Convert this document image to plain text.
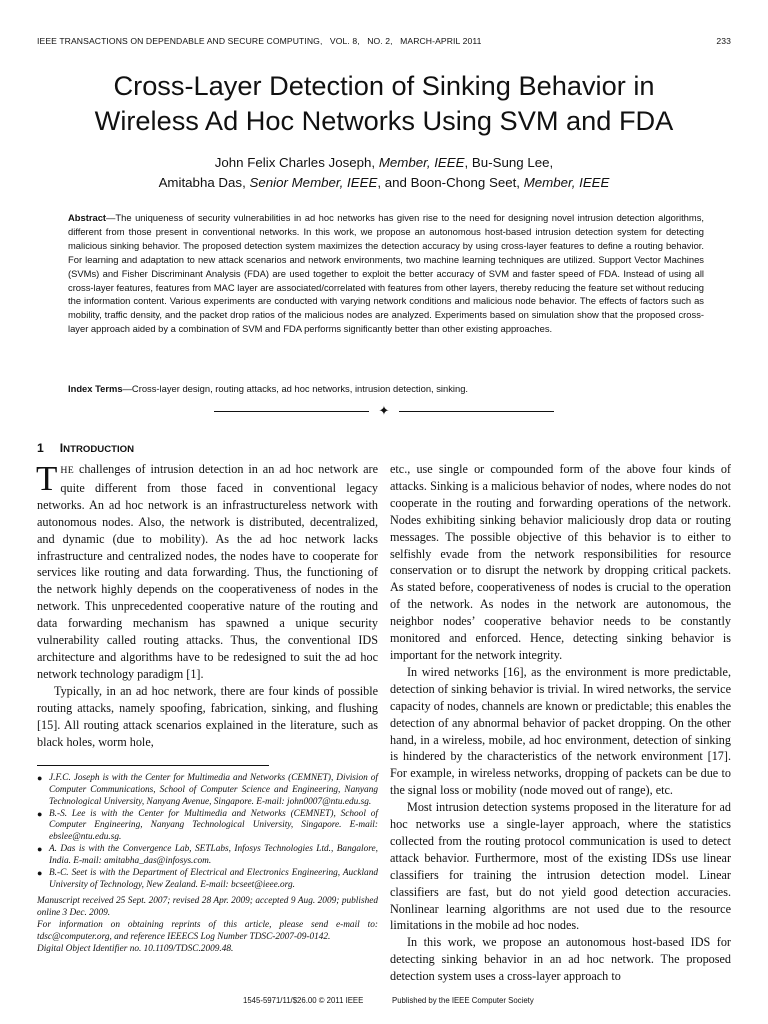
IEEE TRANSACTIONS ON DEPENDABLE AND SECURE COMPUTING,   VOL. 8,   NO. 2,   MARCH-APRIL 2011	233
Cross-Layer Detection of Sinking Behavior in
Wireless Ad Hoc Networks Using SVM and FDA
John Felix Charles Joseph, Member, IEEE, Bu-Sung Lee,
Amitabha Das, Senior Member, IEEE, and Boon-Chong Seet, Member, IEEE

Abstract—The uniqueness of security vulnerabilities in ad hoc networks has given rise to the need for designing novel intrusion detection algorithms, different from those present in conventional networks. In this work, we propose an autonomous host-based intrusion detection system for detecting malicious sinking behavior. The proposed detection system maximizes the detection accuracy by using cross-layer features to define a routing behavior. For learning and adaptation to new attack scenarios and network environments, two machine learning techniques are utilized. Support Vector Machines (SVMs) and Fisher Discriminant Analysis (FDA) are used together to exploit the better accuracy of SVM and faster speed of FDA. Instead of using all cross-layer features, features from MAC layer are associated/correlated with features from other layers, thereby reducing the feature set without reducing the information content. Various experiments are conducted with varying network conditions and malicious node behavior. The effects of factors such as mobility, traffic density, and the packet drop ratios of the malicious nodes are analyzed. Experiments based on simulation show that the proposed cross-layer approach aided by a combination of SVM and FDA performs significantly better than other existing approaches.

Index Terms—Cross-layer design, routing attacks, ad hoc networks, intrusion detection, sinking.

✦
1 INTRODUCTION

THE challenges of intrusion detection in an ad hoc network are quite different from those faced in conventional legacy networks. An ad hoc network is an infrastructureless network with autonomous nodes. Also, the network is distributed, decentralized, and dynamic (due to mobility). As the ad hoc network lacks infrastructure and centralized nodes, the nodes have to cooperate for services like routing and data forwarding. Thus, the functioning of the network highly depends on the cooperativeness of nodes in the network. This unprecedented cooperative nature of the routing and data forwarding mechanism has spawned a unique security vulnerability called routing attacks. Thus, the conventional IDS architecture and algorithms have to be redesigned to suit the ad hoc network technology paradigm [1].

Typically, in an ad hoc network, there are four kinds of possible routing attacks, namely spoofing, fabrication, sinking, and flushing [15]. All routing attack scenarios explained in the literature, such as black holes, worm hole,

● J.F.C. Joseph is with the Center for Multimedia and Networks (CEMNET), Division of Computer Communications, School of Computer Science and Engineering, Nanyang Technological University, Nanyang Avenue, Singapore. E-mail: john0007@ntu.edu.sg.
● B.-S. Lee is with the Center for Multimedia and Networks (CEMNET), School of Computer Engineering, Nanyang Technological University, Singapore. E-mail: ebslee@ntu.edu.sg.
● A. Das is with the Convergence Lab, SETLabs, Infosys Technologies Ltd., Bangalore, India. E-mail: amitabha_das@infosys.com.
● B.-C. Seet is with the Department of Electrical and Electronics Engineering, Auckland University of Technology, New Zealand. E-mail: bcseet@ieee.org.

Manuscript received 25 Sept. 2007; revised 28 Apr. 2009; accepted 9 Aug. 2009; published online 3 Dec. 2009.

For information on obtaining reprints of this article, please send e-mail to: tdsc@computer.org, and reference IEEECS Log Number TDSC-2007-09-0142.

Digital Object Identifier no. 10.1109/TDSC.2009.48.

etc., use single or compounded form of the above four kinds of attacks. Sinking is a malicious behavior of nodes, where nodes do not cooperate in the routing and forwarding operations of the network. Nodes exhibiting sinking behavior maliciously drop data or routing messages. The possible objective of this behavior is to either to selfishly evade from the network responsibilities for resource conservation or to disrupt the network by dropping critical packets. As stated before, cooperativeness of nodes is crucial to the operation of the network. As nodes in the network are autonomous, the neighbor nodes’ cooperative behavior needs to be constantly monitored and enforced. Hence, detecting sinking behavior is important for the network integrity.

In wired networks [16], as the environment is more predictable, detection of sinking behavior is trivial. In wired networks, the service capacity of nodes, channels are known or predictable; this enables the detection of any abnormal behavior of packet dropping. On the other hand, in a wireless, mobile, ad hoc environment, detection of sinking is hindered by the characteristics of the network environment [17]. For example, in wireless networks, dropping of packets can be due to the signal loss or mobility (node moved out of range), etc.

Most intrusion detection systems proposed in the literature for ad hoc networks use a single-layer approach, where the statistics collected from the routing protocol communication is used to detect attack behavior. Furthermore, most of the existing IDSs use linear classifiers for training the intrusion detection model. Linear classifiers are fast, but do not yield good detection accuracies. Nonlinear learning algorithms are not used due to the resource limitations in the mobile ad hoc nodes.

In this work, we propose an autonomous host-based IDS for detecting sinking behavior in an ad hoc network. The proposed detection system uses a cross-layer approach to

1545-5971/11/$26.00 © 2011 IEEE	Published by the IEEE Computer Society
